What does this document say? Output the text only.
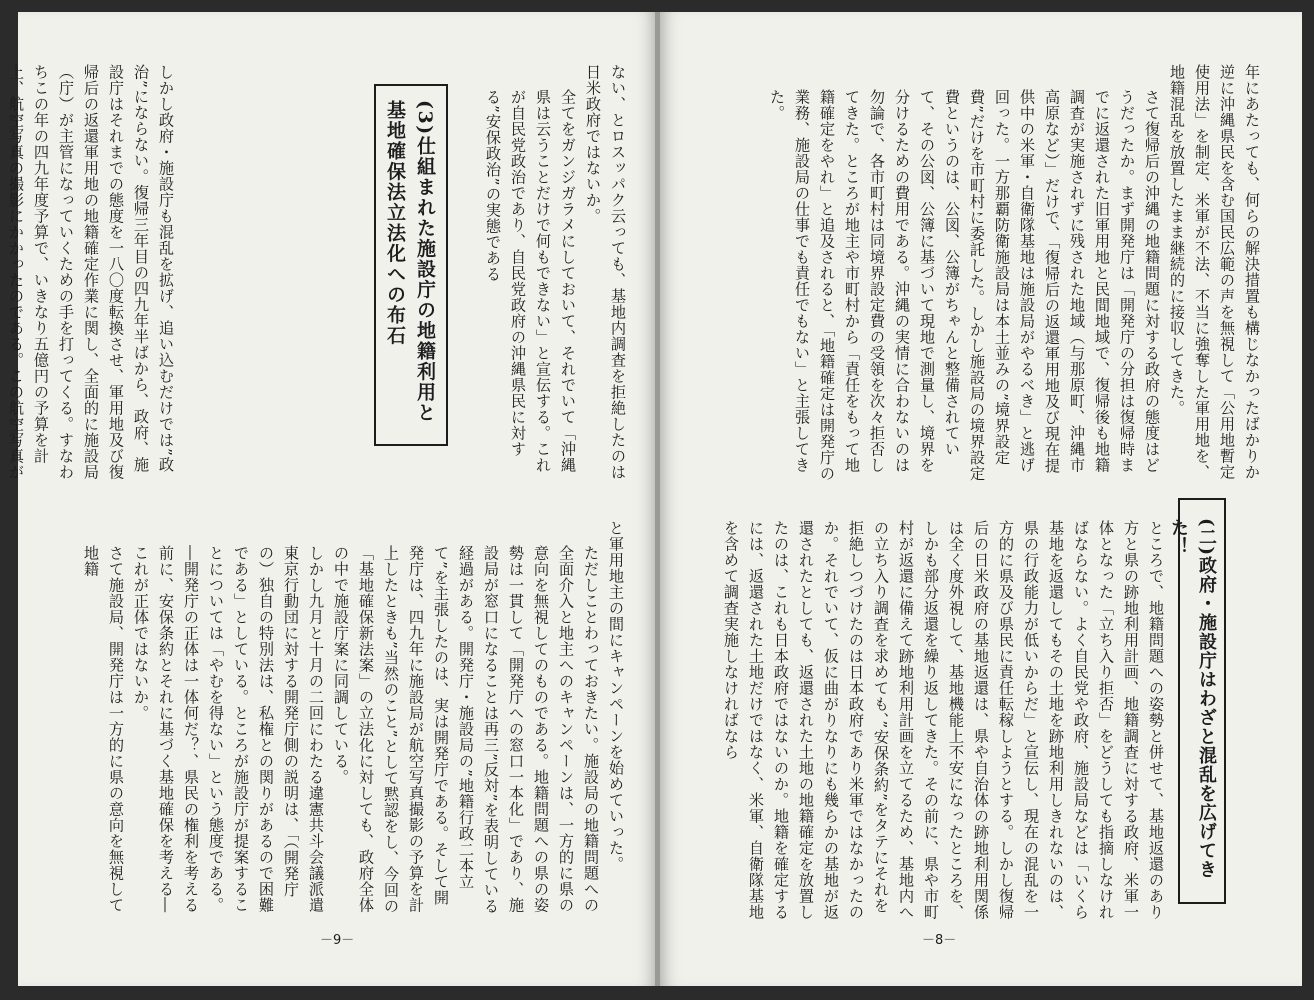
しかし政府・施設庁も混乱を拡げ、追い込むだけでは”政治”にならない。復帰三年目の四九年半ばから、政府、施設庁はそれまでの態度を一八〇度転換させ、軍用地及び復帰后の返還軍用地の地籍確定作業に関し、全面的に施設局（庁）が主管になっていくための手を打ってくる。すなわちこの年の四九年度予算で、いきなり五億円の予算を計上、航空写真の撮影にかかったのである。この航空写真が

(3)仕組まれた施設庁の地籍利用と基地確保法立法化への布石	ない、とロスッパク云っても、基地内調査を拒絶したのは日米政府ではないか。

全てをガンジガラメにしておいて、それでいて「沖縄県は云うことだけで何もできない」と宣伝する。これが自民党政治であり、自民党政府の沖縄県民に対する”安保政治”の実態である

と軍用地主の間にキャンペーンを始めていった。

ただしことわっておきたい。施設局の地籍問題への全面介入と地主へのキャンペーンは、一方的に県の意向を無視してのものである。地籍問題への県の姿勢は一貫して「開発庁への窓口一本化」であり、施設局が窓口になることは再三”反対”を表明している経過がある。開発庁・施設局の”地籍行政二本立て”を主張したのは、実は開発庁である。そして開発庁は、四九年に施設局が航空写真撮影の予算を計上したときも”当然のこと”として黙認をし、今回の「基地確保新法案」の立法化に対しても、政府全体の中で施設庁案に同調している。

しかし九月と十月の二回にわたる違憲共斗会議派遣東京行動団に対する開発庁側の説明は、「（開発庁の）独自の特別法は、私権との関りがあるので困難である」としている。ところが施設庁が提案することについては「やむを得ない」という態度である。―開発庁の正体は一体何だ？、県民の権利を考える前に、安保条約とそれに基づく基地確保を考える―これが正体ではないか。

さて施設局、開発庁は一方的に県の意向を無視して地籍

－9－

年にあたっても、何らの解決措置も構じなかったばかりか逆に沖縄県民を含む国民広範の声を無視して「公用地暫定使用法」を制定、米軍が不法、不当に強奪した軍用地を、地籍混乱を放置したまま継続的に接収してきた。

さて復帰后の沖縄の地籍問題に対する政府の態度はどうだったか。まず開発庁は「開発庁の分担は復帰時までに返還された旧軍用地と民間地域で、復帰後も地籍調査が実施されずに残された地域（与那原町、沖縄市高原など）」だけで、「復帰后の返還軍用地及び現在提供中の米軍・自衛隊基地は施設局がやるべき」と逃げ回った。一方那覇防衛施設局は本土並みの”境界設定費”だけを市町村に委託した。しかし施設局の境界設定費というのは、公図、公簿がちゃんと整備されていて、その公図、公簿に基づいて現地で測量し、境界を分けるための費用である。沖縄の実情に合わないのは勿論で、各市町村は同境界設定費の受領を次々拒否してきた。ところが地主や市町村から「責任をもって地籍確定をやれ」と追及されると、「地籍確定は開発庁の業務、施設局の仕事でも責任でもない」と主張してきた。

(二)政府・施設庁はわざと混乱を広げてきた！

ところで、地籍問題への姿勢と併せて、基地返還のあり方と県の跡地利用計画、地籍調査に対する政府、米軍一体となった「立ち入り拒否」をどうしても指摘しなければならない。よく自民党や政府、施設局などは「いくら基地を返還してもその土地を跡地利用しきれないのは、県の行政能力が低いからだ」と宣伝し、現在の混乱を一方的に県及び県民に責任転稼しようとする。しかし復帰后の日米政府の基地返還は、県や自治体の跡地利用関係は全く度外視して、基地機能上不安になったところを、しかも部分返還を繰り返してきた。その前に、県や市町村が返還に備えて跡地利用計画を立てるため、基地内への立ち入り調査を求めても、”安保条約”をタテにそれを拒絶しつづけたのは日本政府であり米軍ではなかったのか。それでいて、仮に曲がりなりにも幾らかの基地が返還されたとしても、返還された土地の地籍確定を放置したのは、これも日本政府ではないのか。地籍を確定するには、返還された土地だけではなく、米軍、自衛隊基地を含めて調査実施しなければなら

－8－
